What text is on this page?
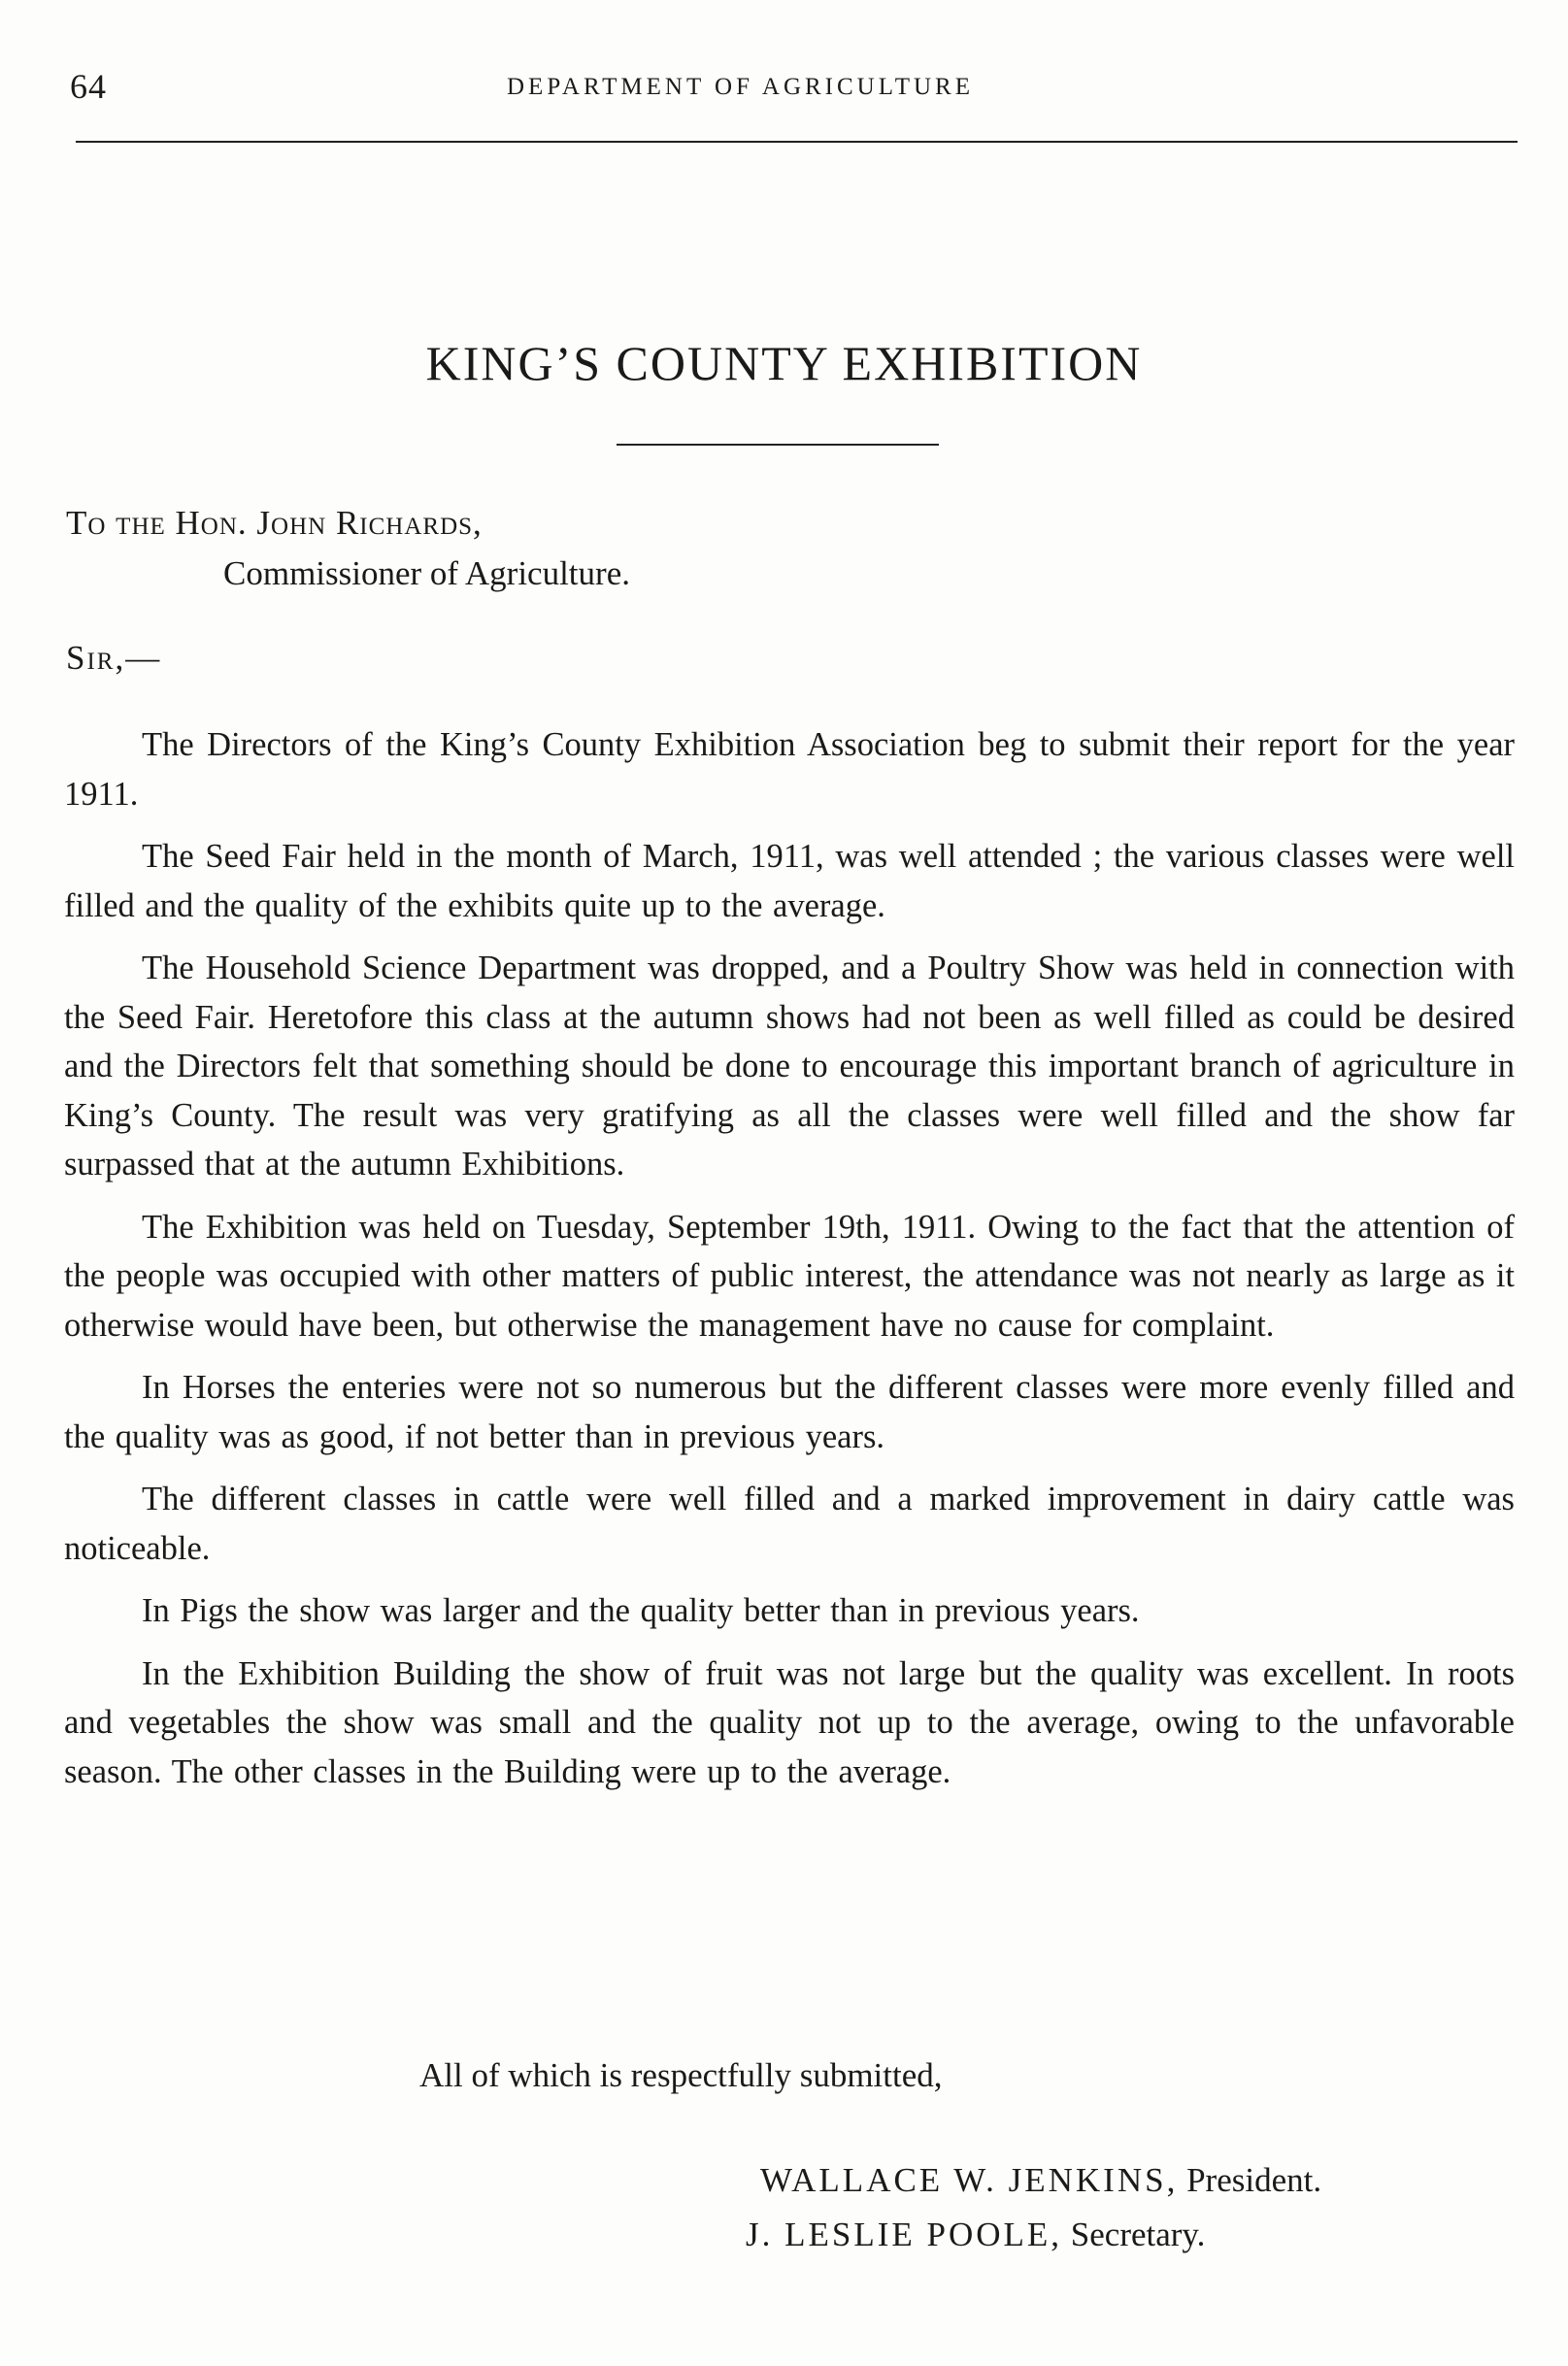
64	DEPARTMENT OF AGRICULTURE
KING’S COUNTY EXHIBITION
To the Hon. John Richards,
Commissioner of Agriculture.
Sir,—

The Directors of the King’s County Exhibition Association beg to submit their report for the year 1911.

The Seed Fair held in the month of March, 1911, was well attended ; the various classes were well filled and the quality of the exhibits quite up to the average.

The Household Science Department was dropped, and a Poultry Show was held in connection with the Seed Fair. Heretofore this class at the autumn shows had not been as well filled as could be desired and the Directors felt that something should be done to encourage this important branch of agriculture in King’s County. The result was very gratifying as all the classes were well filled and the show far surpassed that at the autumn Exhibitions.

The Exhibition was held on Tuesday, September 19th, 1911. Owing to the fact that the attention of the people was occupied with other matters of public interest, the attendance was not nearly as large as it otherwise would have been, but otherwise the management have no cause for complaint.

In Horses the enteries were not so numerous but the different classes were more evenly filled and the quality was as good, if not better than in previous years.

The different classes in cattle were well filled and a marked improvement in dairy cattle was noticeable.

In Pigs the show was larger and the quality better than in previous years.

In the Exhibition Building the show of fruit was not large but the quality was excellent. In roots and vegetables the show was small and the quality not up to the average, owing to the unfavorable season. The other classes in the Building were up to the average.

All of which is respectfully submitted,
WALLACE W. JENKINS, President.
J. LESLIE POOLE, Secretary.
